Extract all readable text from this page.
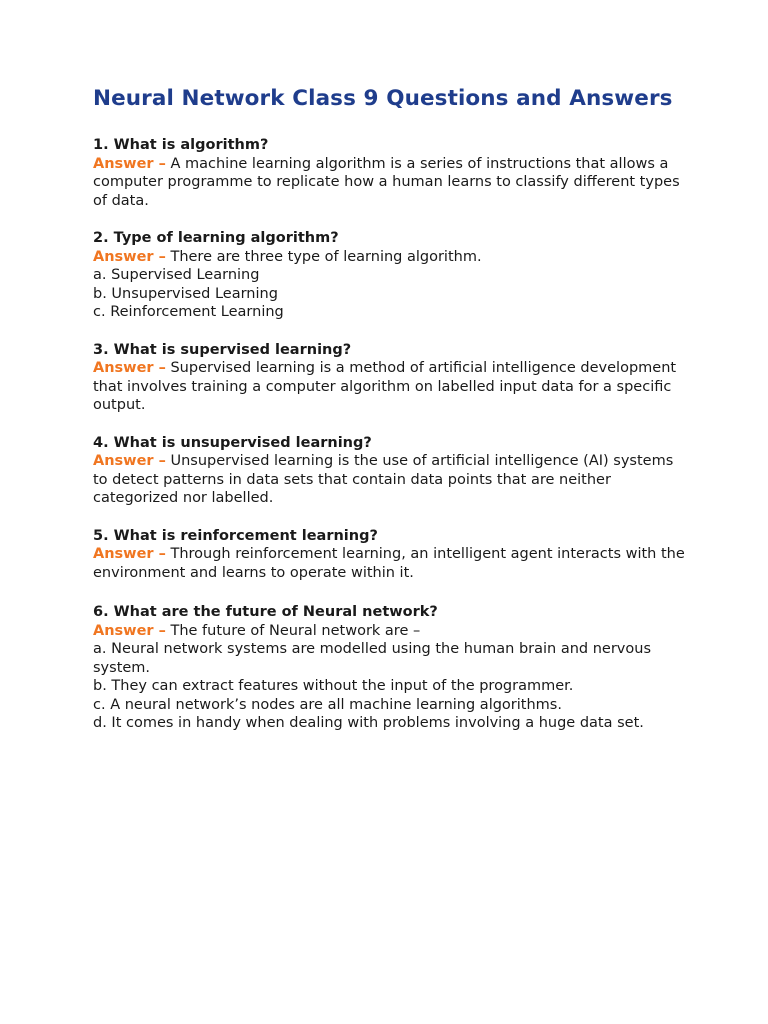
Neural Network Class 9 Questions and Answers
1. What is algorithm?
Answer – A machine learning algorithm is a series of instructions that allows a computer programme to replicate how a human learns to classify different types of data.
2. Type of learning algorithm?
Answer – There are three type of learning algorithm.
a. Supervised Learning
b. Unsupervised Learning
c. Reinforcement Learning
3. What is supervised learning?
Answer – Supervised learning is a method of artificial intelligence development that involves training a computer algorithm on labelled input data for a specific output.
4. What is unsupervised learning?
Answer – Unsupervised learning is the use of artificial intelligence (AI) systems to detect patterns in data sets that contain data points that are neither categorized nor labelled.
5. What is reinforcement learning?
Answer – Through reinforcement learning, an intelligent agent interacts with the environment and learns to operate within it.
6. What are the future of Neural network?
Answer – The future of Neural network are –
a. Neural network systems are modelled using the human brain and nervous system.
b. They can extract features without the input of the programmer.
c. A neural network’s nodes are all machine learning algorithms.
d. It comes in handy when dealing with problems involving a huge data set.
